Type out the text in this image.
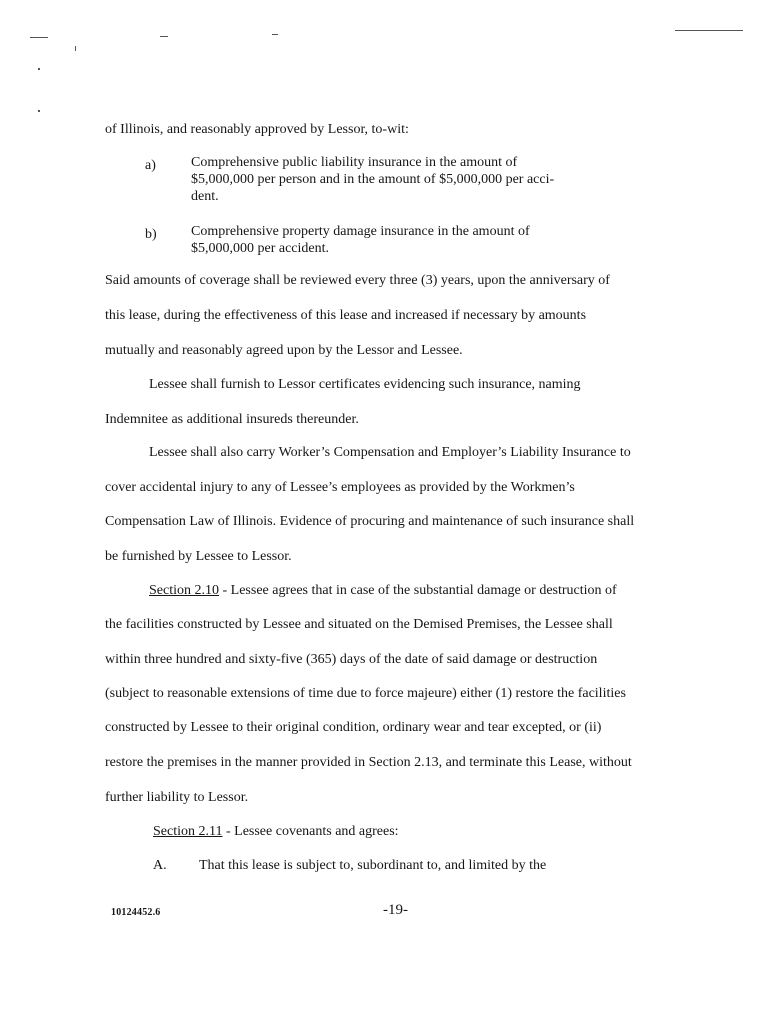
of Illinois, and reasonably approved by Lessor, to-wit:
a)	Comprehensive public liability insurance in the amount of
$5,000,000 per person and in the amount of $5,000,000 per acci-
dent.
b) Comprehensive property damage insurance in the amount of
$5,000,000 per accident.
Said amounts of coverage shall be reviewed every three (3) years, upon the anniversary of
this lease, during the effectiveness of this lease and increased if necessary by amounts
mutually and reasonably agreed upon by the Lessor and Lessee.
Lessee shall furnish to Lessor certificates evidencing such insurance, naming
Indemnitee as additional insureds thereunder.
Lessee shall also carry Worker’s Compensation and Employer’s Liability Insurance to
cover accidental injury to any of Lessee’s employees as provided by the Workmen’s
Compensation Law of Illinois. Evidence of procuring and maintenance of such insurance shall
be furnished by Lessee to Lessor.
Section 2.10 - Lessee agrees that in case of the substantial damage or destruction of
the facilities constructed by Lessee and situated on the Demised Premises, the Lessee shall
within three hundred and sixty-five (365) days of the date of said damage or destruction
(subject to reasonable extensions of time due to force majeure) either (1) restore the facilities
constructed by Lessee to their original condition, ordinary wear and tear excepted, or (ii)
restore the premises in the manner provided in Section 2.13, and terminate this Lease, without
further liability to Lessor.
Section 2.11 - Lessee covenants and agrees:
A. That this lease is subject to, subordinant to, and limited by the
10124452.6	-19-
